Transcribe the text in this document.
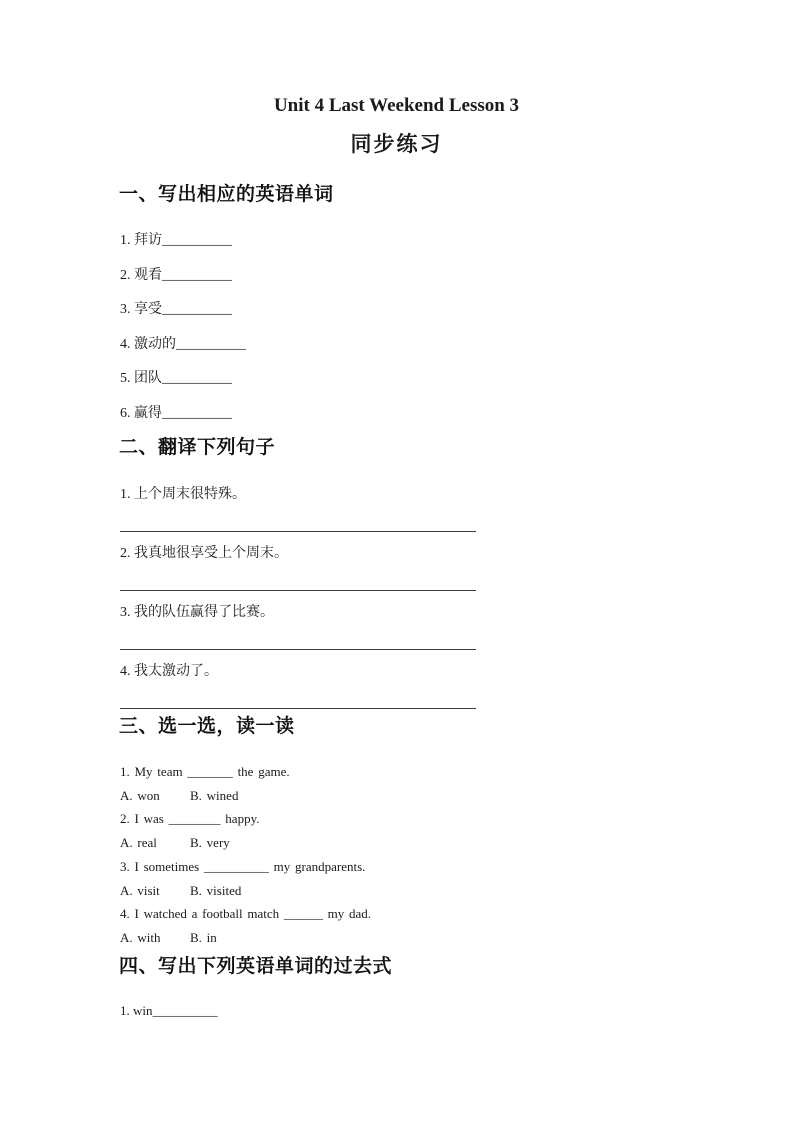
Unit 4 Last Weekend Lesson 3
同步练习
一、写出相应的英语单词

1. 拜访__________

2. 观看__________

3. 享受__________

4. 激动的__________

5. 团队__________

6. 赢得__________

二、翻译下列句子

1. 上个周末很特殊。

2. 我真地很享受上个周末。

3. 我的队伍赢得了比赛。

4. 我太激动了。

三、选一选，读一读

1. My team _______ the game.

A. won B. wined

2. I was ________ happy.

A. real	B. very

3. I sometimes __________ my grandparents.

A. visit B. visited

4. I watched a football match ______ my dad.

A. with B. in

四、写出下列英语单词的过去式

1. win__________
